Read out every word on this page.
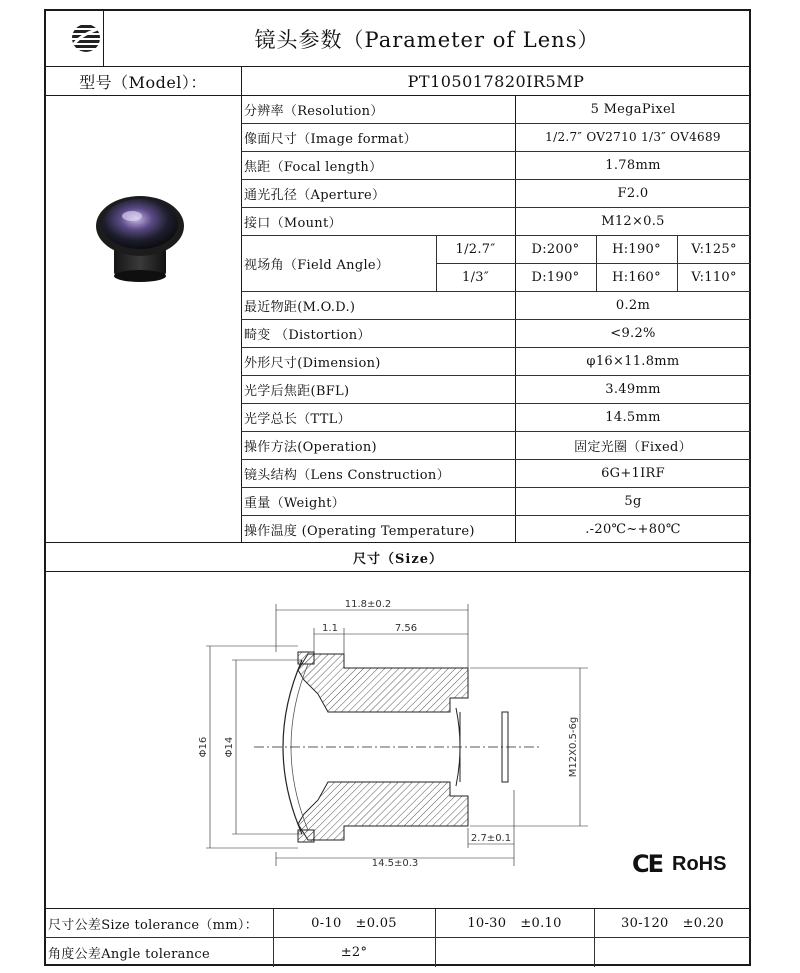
镜头参数（Parameter of Lens）
型号（Model）：	PT105017820IR5MP
分辨率（Resolution）	5 MegaPixel
像面尺寸（Image format）	1/2.7″ OV2710 1/3″ OV4689
焦距（Focal length）	1.78mm
通光孔径（Aperture）	F2.0
接口（Mount）	M12×0.5
视场角（Field Angle）
1/2.7″	D:200°	H:190°	V:125°
1/3″	D:190°	H:160°	V:110°
最近物距(M.O.D.)	0.2m
畸变 （Distortion）	<9.2%
外形尺寸(Dimension)	φ16×11.8mm
光学后焦距(BFL)	3.49mm
光学总长（TTL）	14.5mm
操作方法(Operation)	固定光圈（Fixed）
镜头结构（Lens Construction）	6G+1IRF
重量（Weight）	5g
操作温度 (Operating Temperature)	.-20℃~+80℃
尺寸（Size）
11.8±0.2
1.1	7.56
Φ16 Φ14	M12X0.5-6g
2.7±0.1
14.5±0.3	CE RoHS
尺寸公差Size tolerance（mm）：	0-10 ±0.05	10-30 ±0.10	30-120 ±0.20
角度公差Angle tolerance	±2°
